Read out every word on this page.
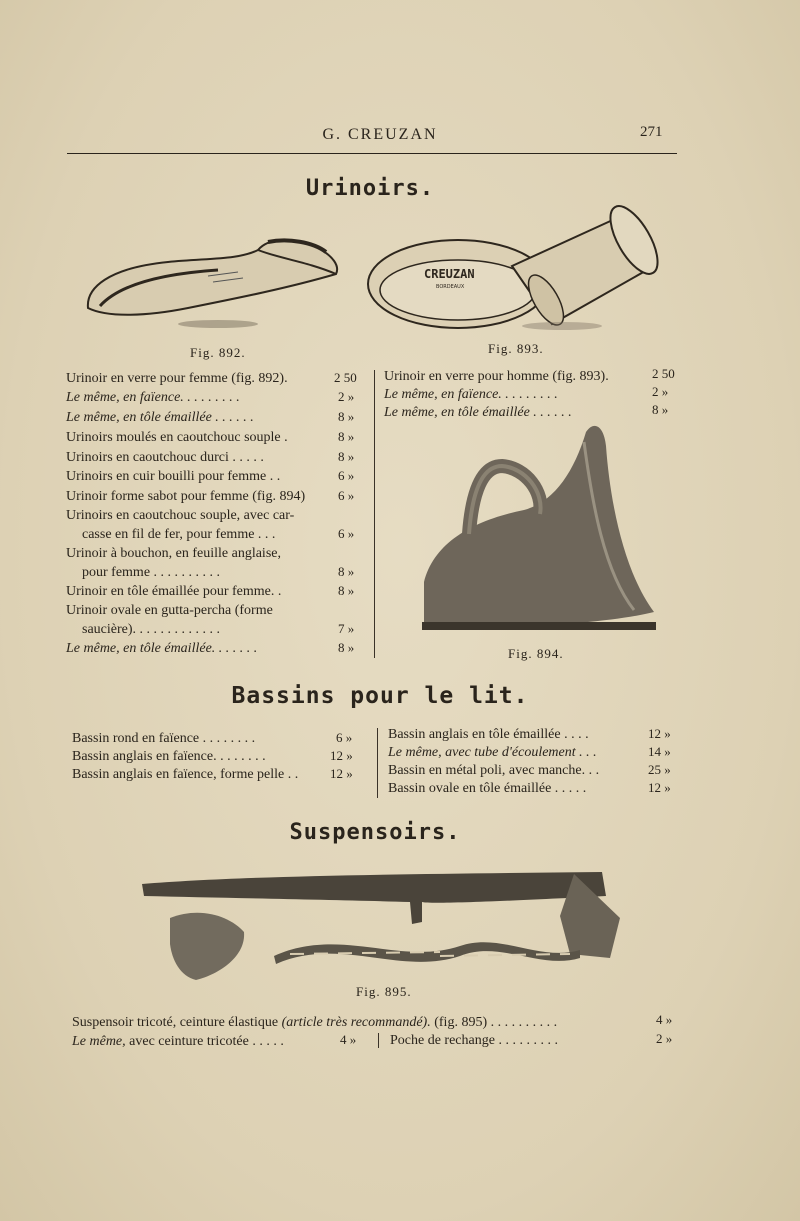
G. CREUZAN	271
Urinoirs.
Fig. 892.
CREUZAN
BORDEAUX
Fig. 893.
Urinoir en verre pour femme (fig. 892).	2 50
Le même, en faïence. . . . . . . . .	2 »
Le même, en tôle émaillée . . . . . .	8 »
Urinoirs moulés en caoutchouc souple .	8 »
Urinoirs en caoutchouc durci . . . . .	8 »
Urinoirs en cuir bouilli pour femme . .	6 »
Urinoir forme sabot pour femme (fig. 894)	6 »
Urinoirs en caoutchouc souple, avec car-
casse en fil de fer, pour femme . . .	6 »
Urinoir à bouchon, en feuille anglaise,
pour femme . . . . . . . . . .	8 »
Urinoir en tôle émaillée pour femme. .	8 »
Urinoir ovale en gutta-percha (forme
saucière). . . . . . . . . . . . .	7 »
Le même, en tôle émaillée. . . . . . .	8 »
Urinoir en verre pour homme (fig. 893).	2 50
Le même, en faïence. . . . . . . . .	2 »
Le même, en tôle émaillée . . . . . .	8 »
Fig. 894.
Bassins pour le lit.
Bassin rond en faïence . . . . . . . .	6 »
Bassin anglais en faïence. . . . . . . .	12 »
Bassin anglais en faïence, forme pelle . . 12 »
Bassin anglais en tôle émaillée . . . .	12 »
Le même, avec tube d'écoulement . . .	14 »
Bassin en métal poli, avec manche. . .	25 »
Bassin ovale en tôle émaillée . . . . .	12 »
Suspensoirs.
Fig. 895.
Suspensoir tricoté, ceinture élastique (article très recommandé). (fig. 895) . . . . . . . . . .	4 »
Le même, avec ceinture tricotée . . . . .	4 » Poche de rechange . . . . . . . . .	2 »
